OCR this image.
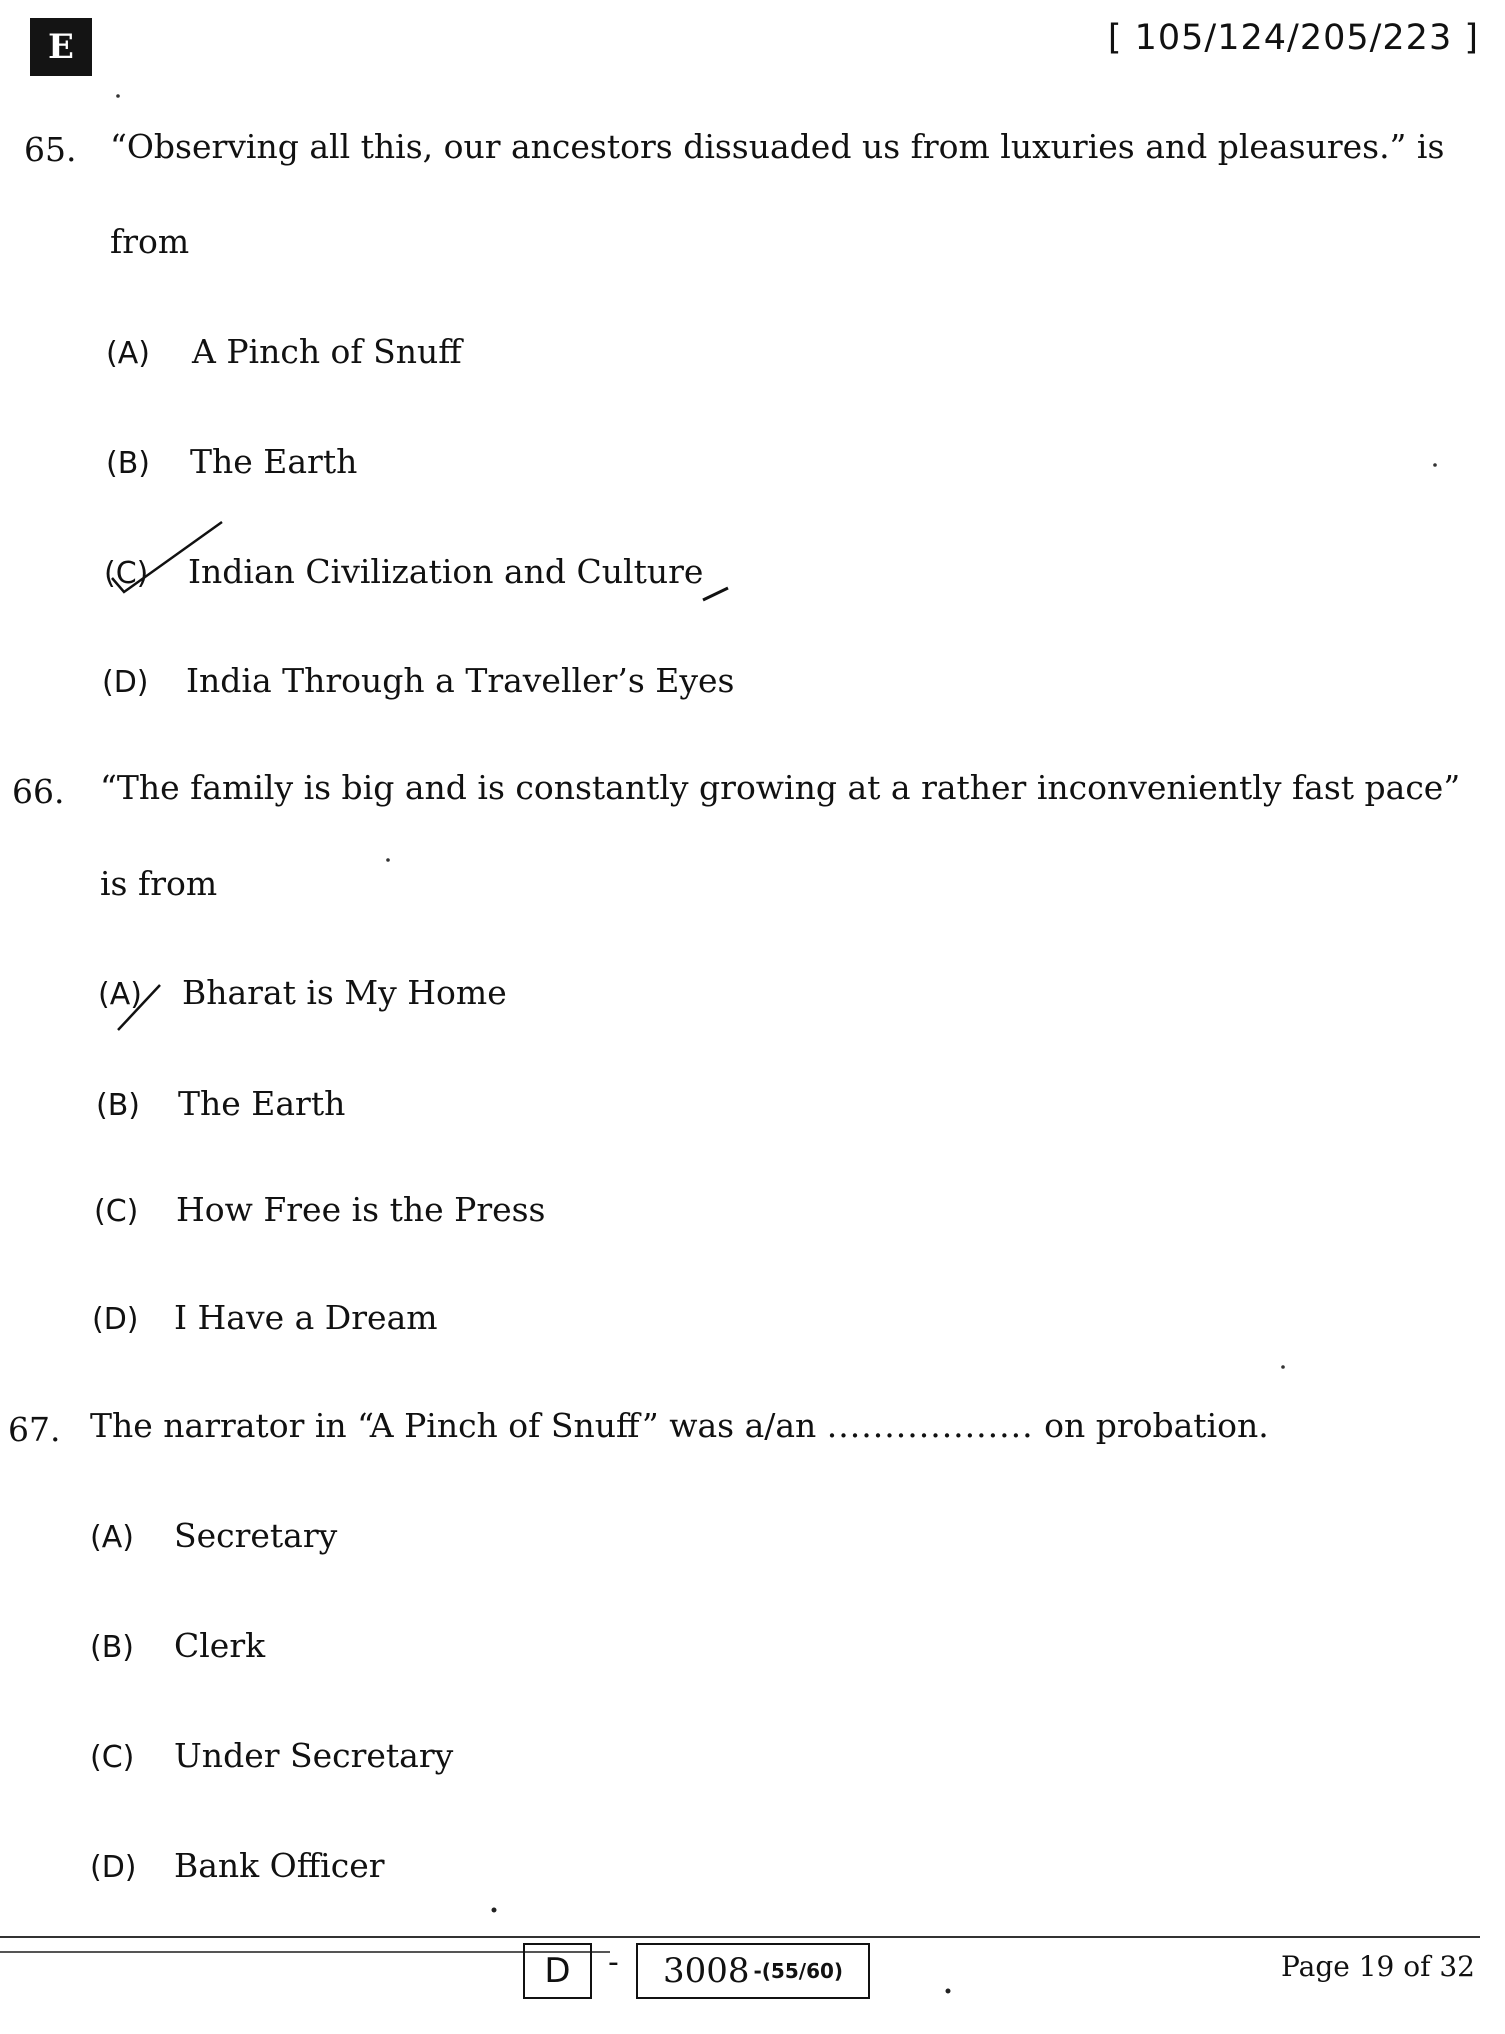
E	[ 105/124/205/223 ]
65. “Observing all this, our ancestors dissuaded us from luxuries and pleasures.” is
from
(A) A Pinch of Snuff
(B) The Earth
(C) Indian Civilization and Culture
(D) India Through a Traveller’s Eyes
66. “The family is big and is constantly growing at a rather inconveniently fast pace”
is from
(A) Bharat is My Home
(B) The Earth
(C) How Free is the Press
(D) I Have a Dream
67. The narrator in “A Pinch of Snuff” was a/an .................. on probation.
(A) Secretary
(B) Clerk
(C) Under Secretary
(D) Bank Officer
D	- 3008 -(55/60)	Page 19 of 32
